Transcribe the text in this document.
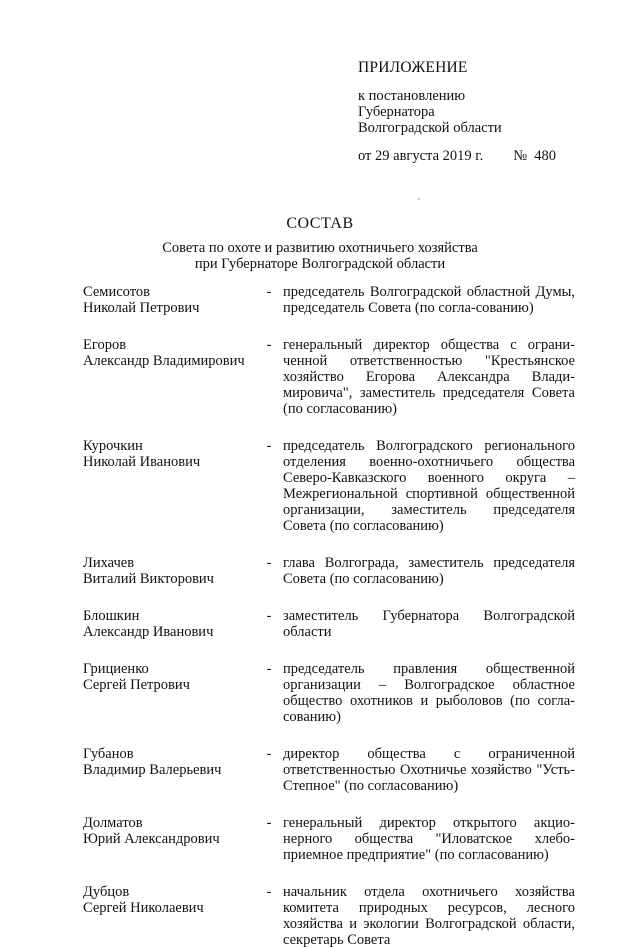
ПРИЛОЖЕНИЕ
к постановлению
Губернатора
Волгоградской области
от 29 августа 2019 г. № 480
СОСТАВ
Совета по охоте и развитию охотничьего хозяйства
при Губернаторе Волгоградской области
Семисотов
Николай Петрович
- председатель Волгоградской областной Думы, председатель Совета (по согла-сованию)
Егоров
Александр Владимирович
- генеральный директор общества с ограни-ченной ответственностью "Крестьянское хозяйство Егорова Александра Влади-мировича", заместитель председателя Совета (по согласованию)
Курочкин
Николай Иванович
- председатель Волгоградского регионального отделения военно-охотничьего общества Северо-Кавказского военного округа – Межрегиональной спортивной общественной организации, заместитель председателя Совета (по согласованию)
Лихачев
Виталий Викторович
- глава Волгограда, заместитель председателя Совета (по согласованию)
Блошкин
Александр Иванович
- заместитель Губернатора Волгоградской области
Грициенко
Сергей Петрович
- председатель правления общественной организации – Волгоградское областное общество охотников и рыболовов (по согла-сованию)
Губанов
Владимир Валерьевич
- директор общества с ограниченной ответственностью Охотничье хозяйство "Усть-Степное" (по согласованию)
Долматов
Юрий Александрович
- генеральный директор открытого акцио-нерного общества "Иловатское хлебо-приемное предприятие" (по согласованию)
Дубцов
Сергей Николаевич
- начальник отдела охотничьего хозяйства комитета природных ресурсов, лесного хозяйства и экологии Волгоградской области, секретарь Совета
